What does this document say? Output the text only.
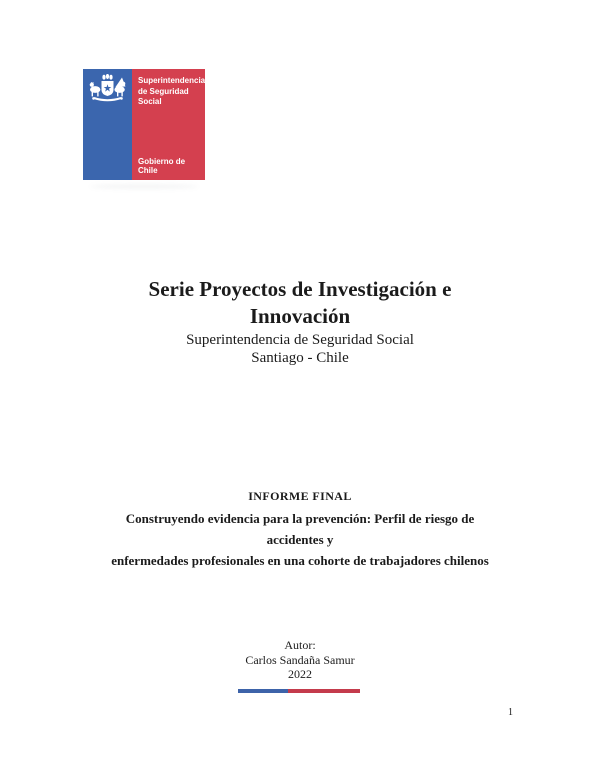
Superintendencia
de Seguridad
Social
Gobierno de Chile
Serie Proyectos de Investigación e
Innovación
Superintendencia de Seguridad Social
Santiago - Chile
INFORME FINAL
Construyendo evidencia para la prevención: Perfil de riesgo de accidentes y
enfermedades profesionales en una cohorte de trabajadores chilenos
Autor:
Carlos Sandaña Samur
2022
1
